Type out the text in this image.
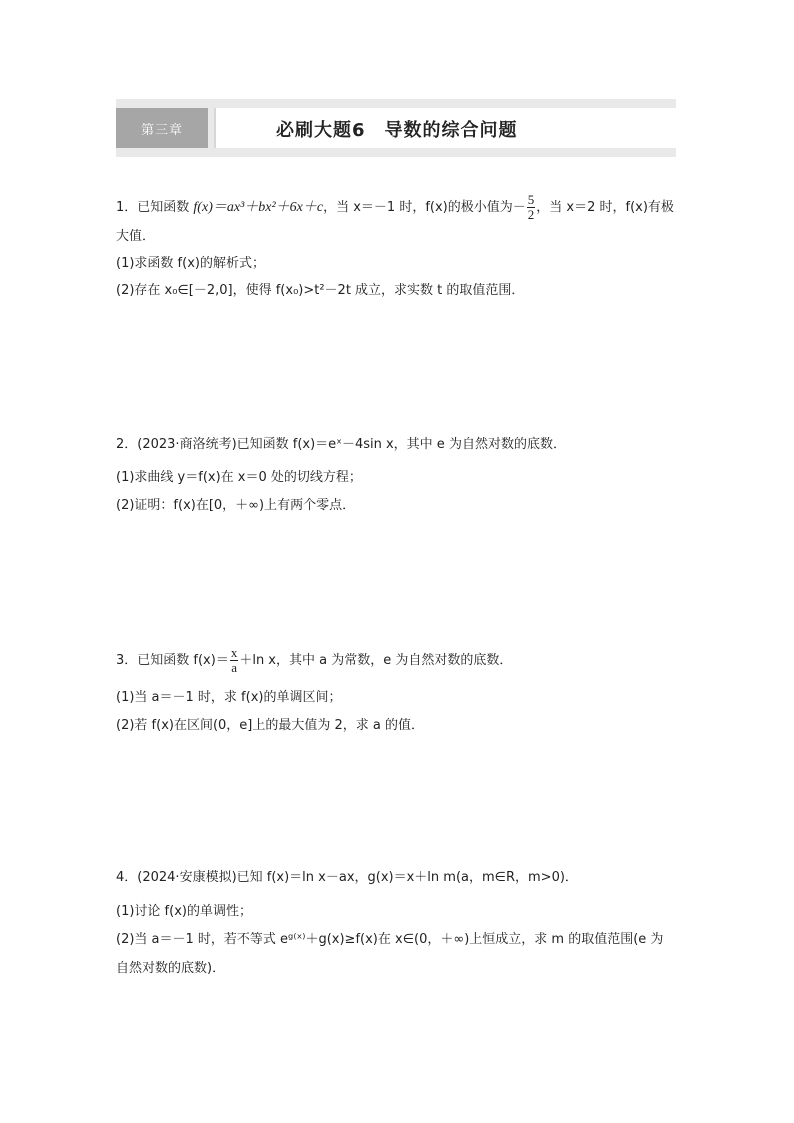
第三章	必刷大题6　导数的综合问题
1．已知函数 f(x)＝ax³＋bx²＋6x＋c，当 x＝－1 时，f(x)的极小值为－ $\frac{5}{2}$ ，当 x＝2 时，f(x)有极
大值．
(1)求函数 f(x)的解析式；
(2)存在 x₀∈[－2,0]，使得 f(x₀)>t²－2t 成立，求实数 t 的取值范围．
2．(2023·商洛统考)已知函数 f(x)＝eˣ－4sin x，其中 e 为自然对数的底数．
(1)求曲线 y＝f(x)在 x＝0 处的切线方程；
(2)证明：f(x)在[0，＋∞)上有两个零点．
3．已知函数 $f(x)= \frac{x}{a} +\ln$ x，其中 a 为常数，e 为自然对数的底数．
(1)当 a＝－1 时，求 f(x)的单调区间；
(2)若 f(x)在区间(0，e]上的最大值为 2，求 a 的值．
4．(2024·安康模拟)已知 f(x)＝ln x－ax，g(x)＝x＋ln m(a，m∈R，m>0)．
(1)讨论 f(x)的单调性；
(2)当 a＝－1 时，若不等式 eᵍ⁽ˣ⁾＋g(x)≥f(x)在 x∈(0，＋∞)上恒成立，求 m 的取值范围(e 为
自然对数的底数)．
